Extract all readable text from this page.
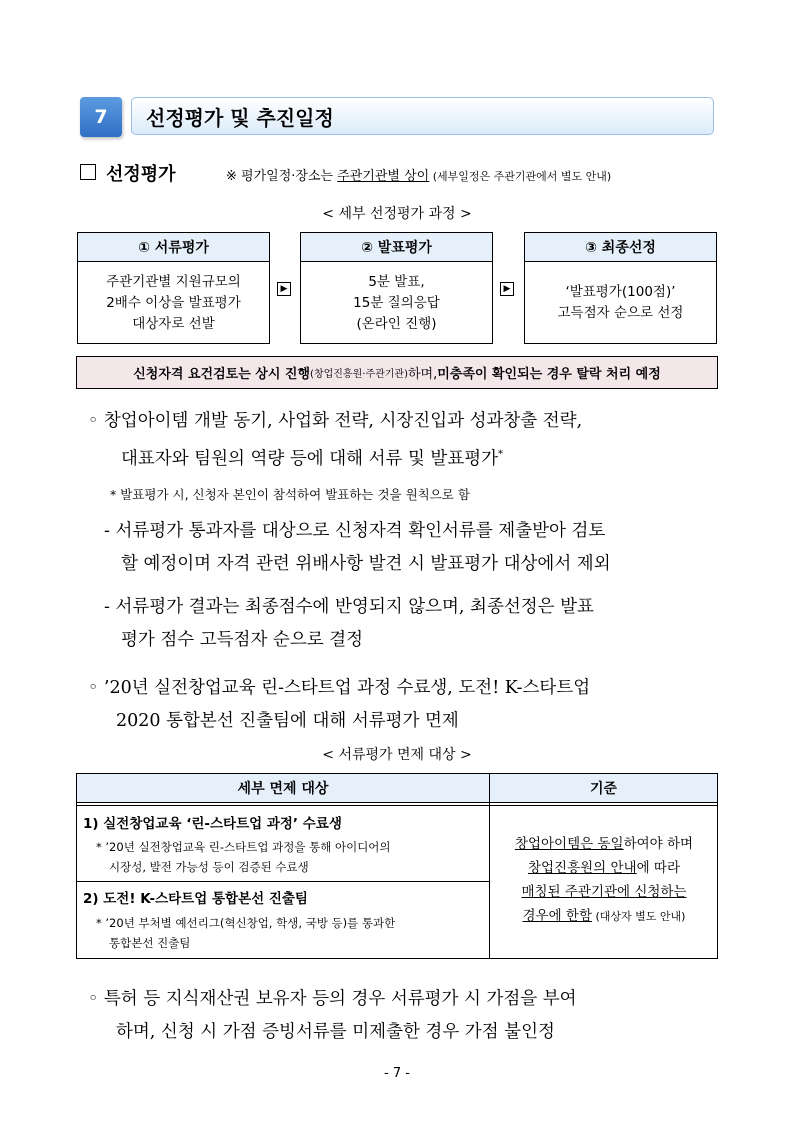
7	선정평가 및 추진일정
선정평가	※ 평가일정·장소는 주관기관별 상이 (세부일정은 주관기관에서 별도 안내)
< 세부 선정평가 과정 >
① 서류평가
주관기관별 지원규모의
2배수 이상을 발표평가
대상자로 선발
▶
② 발표평가
5분 발표,
15분 질의응답
(온라인 진행)
▶
③ 최종선정
‘발표평가(100점)’
고득점자 순으로 선정
신청자격 요건검토는 상시 진행 (창업진흥원·주관기관) 하며, 미충족이 확인되는 경우 탈락 처리 예정
◦ 창업아이템 개발 동기, 사업화 전략, 시장진입과 성과창출 전략,
대표자와 팀원의 역량 등에 대해 서류 및 발표평가*
* 발표평가 시, 신청자 본인이 참석하여 발표하는 것을 원칙으로 함
- 서류평가 통과자를 대상으로 신청자격 확인서류를 제출받아 검토
할 예정이며 자격 관련 위배사항 발견 시 발표평가 대상에서 제외
- 서류평가 결과는 최종점수에 반영되지 않으며, 최종선정은 발표
평가 점수 고득점자 순으로 결정
◦ ’20년 실전창업교육 린-스타트업 과정 수료생, 도전! K-스타트업
2020 통합본선 진출팀에 대해 서류평가 면제
< 서류평가 면제 대상 >
세부 면제 대상	기준
1) 실전창업교육 ‘린-스타트업 과정’ 수료생
* ’20년 실전창업교육 린-스타트업 과정을 통해 아이디어의
시장성, 발전 가능성 등이 검증된 수료생
2) 도전! K-스타트업 통합본선 진출팀
* ’20년 부처별 예선리그(혁신창업, 학생, 국방 등)를 통과한
통합본선 진출팀
창업아이템은 동일하여야 하며
창업진흥원의 안내에 따라
매칭된 주관기관에 신청하는
경우에 한함 (대상자 별도 안내)
◦ 특허 등 지식재산권 보유자 등의 경우 서류평가 시 가점을 부여
하며, 신청 시 가점 증빙서류를 미제출한 경우 가점 불인정
- 7 -
